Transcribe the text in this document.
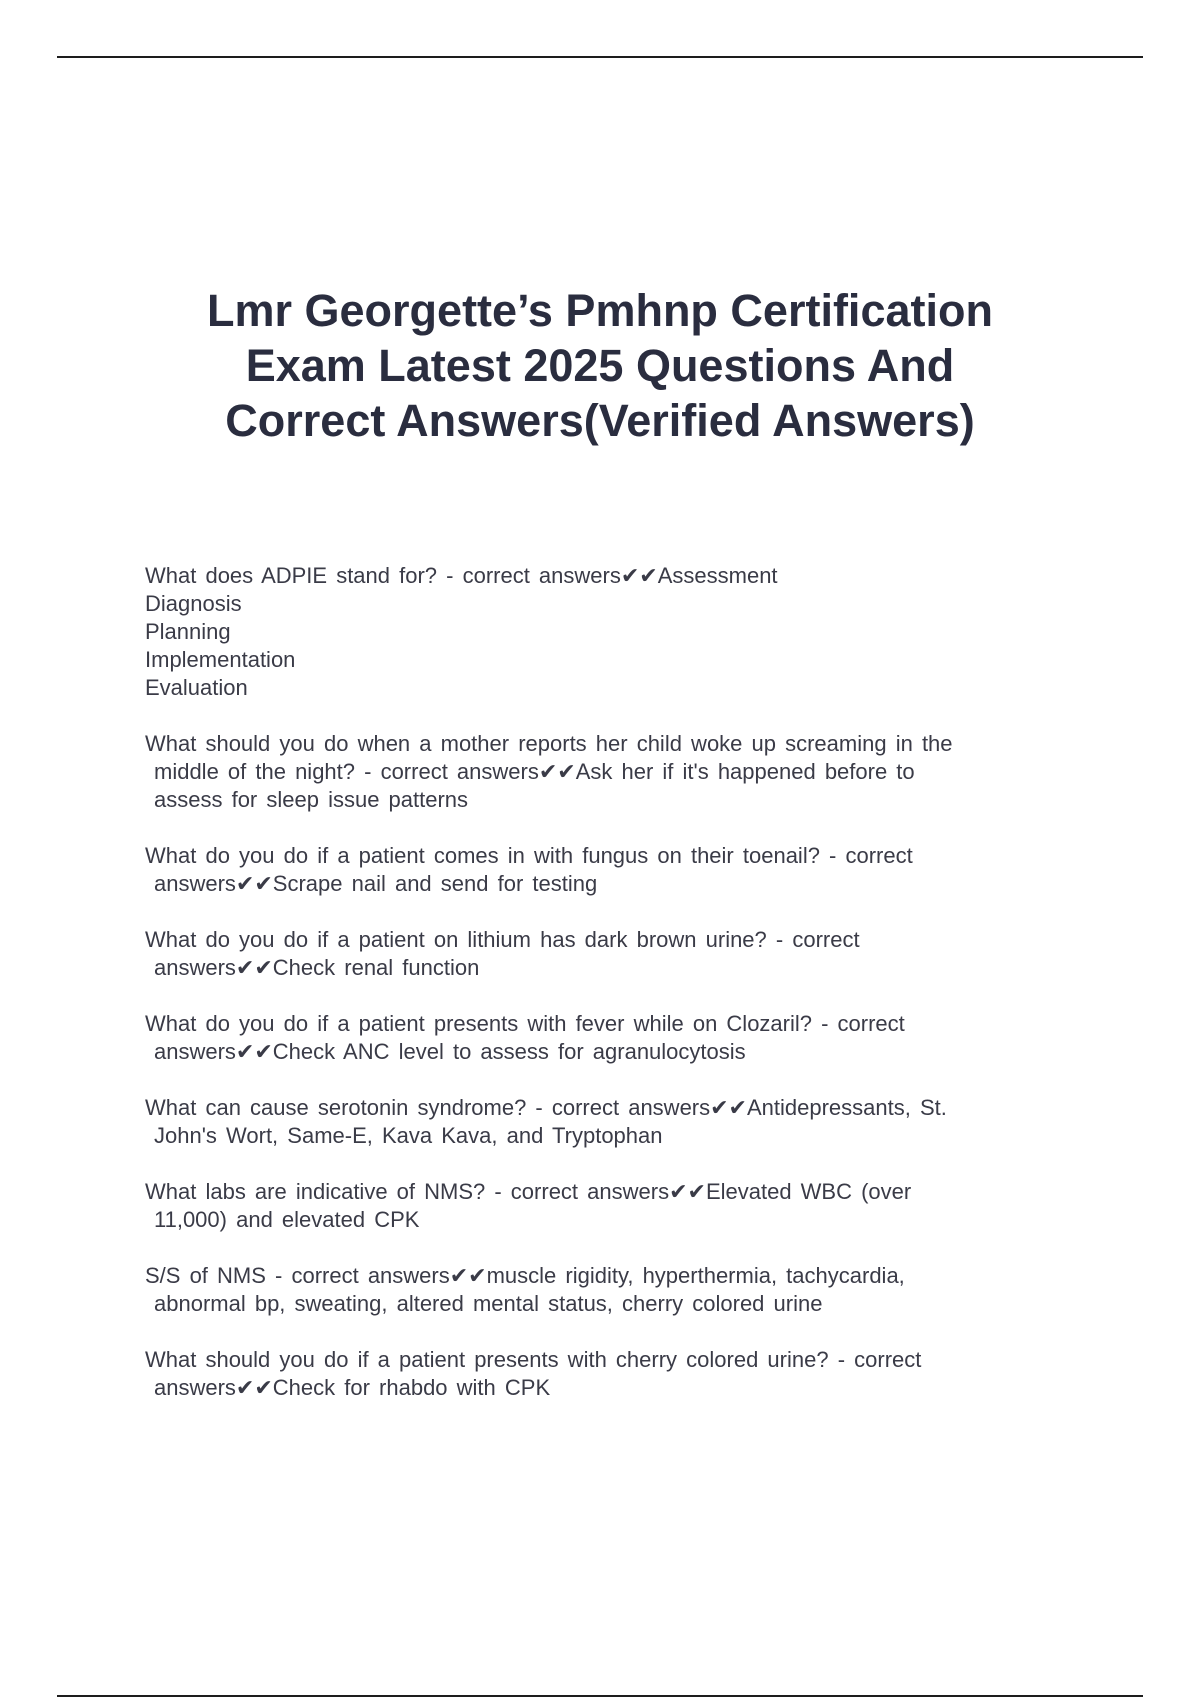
Lmr Georgette’s Pmhnp Certification
Exam Latest 2025 Questions And
Correct Answers(Verified Answers)
What does ADPIE stand for? - correct answers✔✔Assessment
Diagnosis
Planning
Implementation
Evaluation
What should you do when a mother reports her child woke up screaming in the
middle of the night? - correct answers✔✔Ask her if it's happened before to
assess for sleep issue patterns
What do you do if a patient comes in with fungus on their toenail? - correct
answers✔✔Scrape nail and send for testing
What do you do if a patient on lithium has dark brown urine? - correct
answers✔✔Check renal function
What do you do if a patient presents with fever while on Clozaril? - correct
answers✔✔Check ANC level to assess for agranulocytosis
What can cause serotonin syndrome? - correct answers✔✔Antidepressants, St.
John's Wort, Same-E, Kava Kava, and Tryptophan
What labs are indicative of NMS? - correct answers✔✔Elevated WBC (over
11,000) and elevated CPK
S/S of NMS - correct answers✔✔muscle rigidity, hyperthermia, tachycardia,
abnormal bp, sweating, altered mental status, cherry colored urine
What should you do if a patient presents with cherry colored urine? - correct
answers✔✔Check for rhabdo with CPK
